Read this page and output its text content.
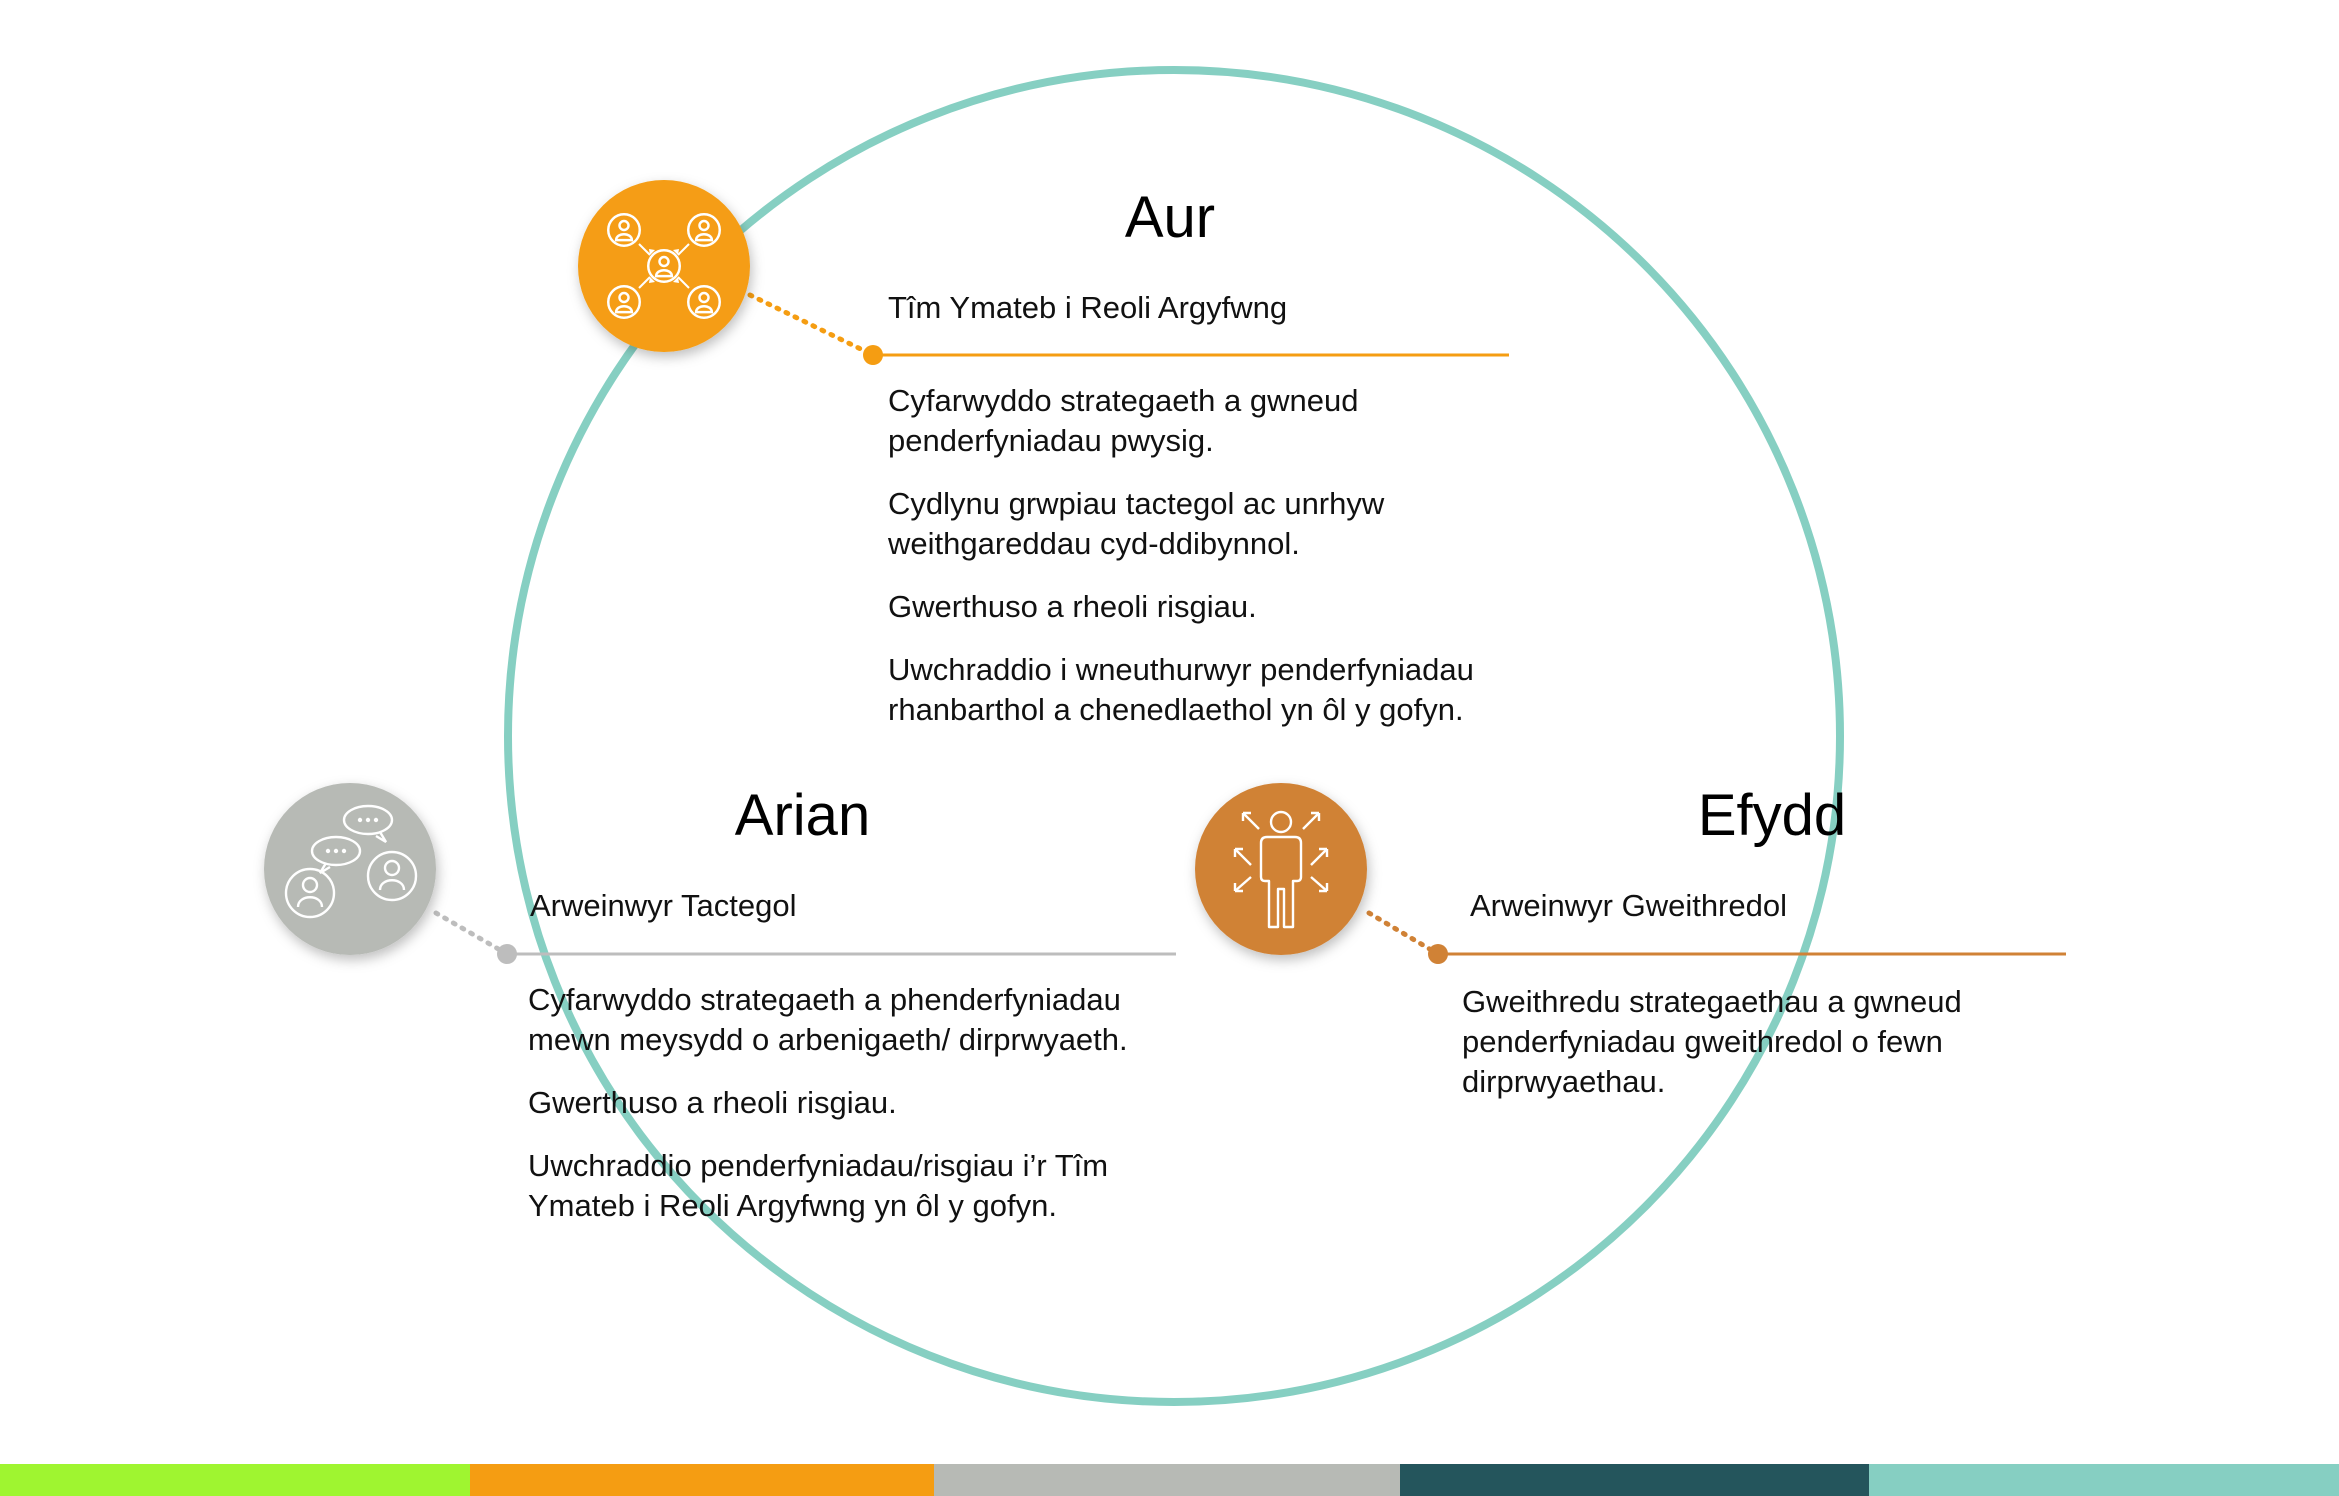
Aur
Tîm Ymateb i Reoli Argyfwng
Cyfarwyddo strategaeth a gwneud penderfyniadau pwysig.
Cydlynu grwpiau tactegol ac unrhyw weithgareddau cyd-ddibynnol.
Gwerthuso a rheoli risgiau.
Uwchraddio i wneuthurwyr penderfyniadau rhanbarthol a chenedlaethol yn ôl y gofyn.
Arian
Arweinwyr Tactegol
Cyfarwyddo strategaeth a phenderfyniadau mewn meysydd o arbenigaeth/ dirprwyaeth.
Gwerthuso a rheoli risgiau.
Uwchraddio penderfyniadau/risgiau i’r Tîm Ymateb i Reoli Argyfwng yn ôl y gofyn.
Efydd
Arweinwyr Gweithredol
Gweithredu strategaethau a gwneud penderfyniadau gweithredol o fewn dirprwyaethau.
